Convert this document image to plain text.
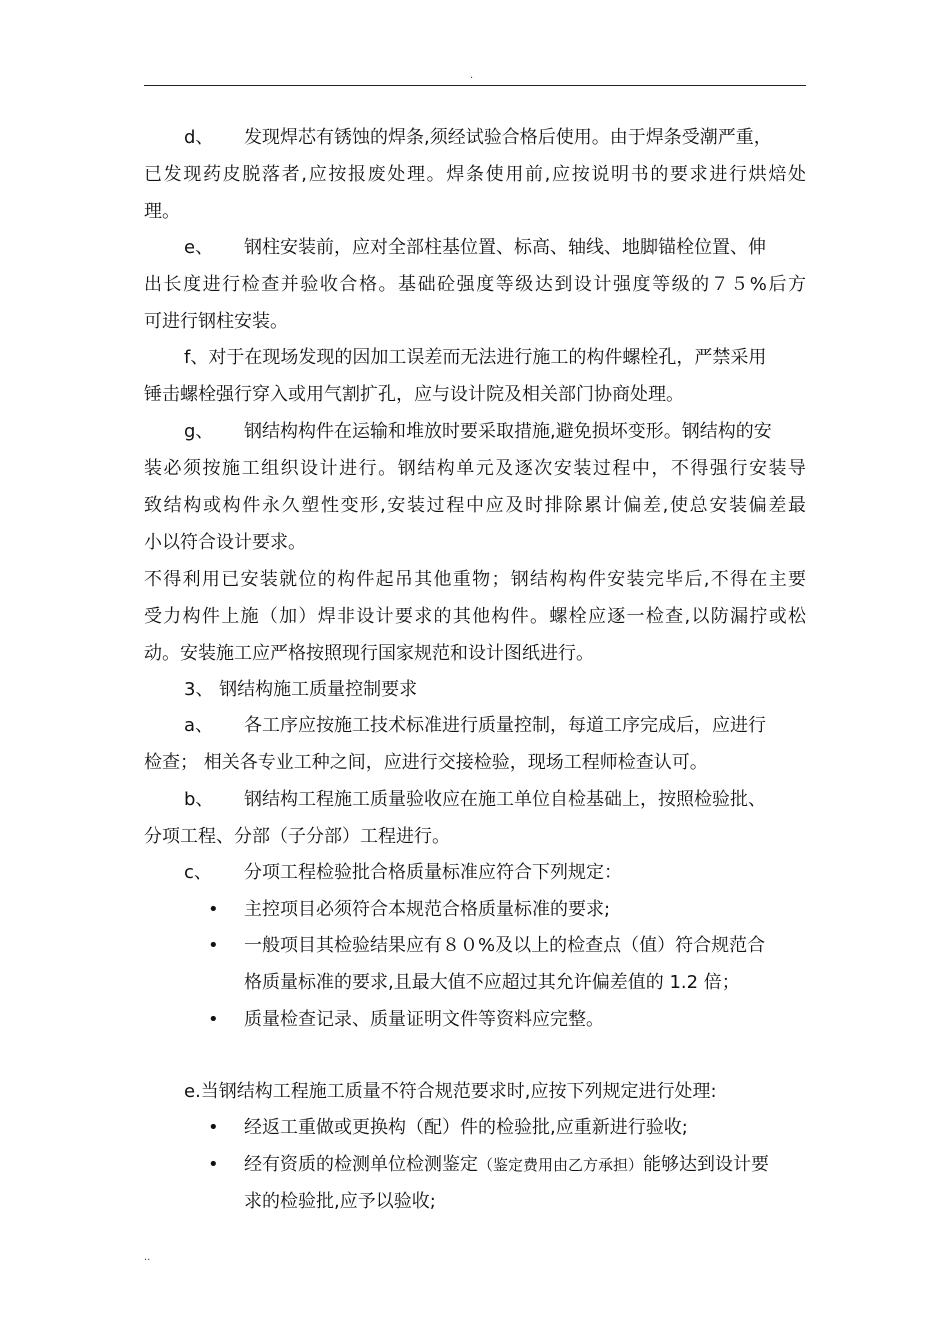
.
d、 发现焊芯有锈蚀的焊条,须经试验合格后使用。由于焊条受潮严重，
已发现药皮脱落者,应按报废处理。焊条使用前,应按说明书的要求进行烘焙处
理。
e、 钢柱安装前，应对全部柱基位置、标高、轴线、地脚锚栓位置、伸
出长度进行检查并验收合格。基础砼强度等级达到设计强度等级的７５%后方
可进行钢柱安装。
f、对于在现场发现的因加工误差而无法进行施工的构件螺栓孔，严禁采用
锤击螺栓强行穿入或用气割扩孔，应与设计院及相关部门协商处理。
g、 钢结构构件在运输和堆放时要采取措施,避免损坏变形。钢结构的安
装必须按施工组织设计进行。钢结构单元及逐次安装过程中，不得强行安装导
致结构或构件永久塑性变形,安装过程中应及时排除累计偏差,使总安装偏差最
小以符合设计要求。
不得利用已安装就位的构件起吊其他重物；钢结构构件安装完毕后,不得在主要
受力构件上施（加）焊非设计要求的其他构件。螺栓应逐一检查,以防漏拧或松
动。安装施工应严格按照现行国家规范和设计图纸进行。
3、 钢结构施工质量控制要求
a、 各工序应按施工技术标准进行质量控制，每道工序完成后，应进行
检查； 相关各专业工种之间，应进行交接检验，现场工程师检查认可。
b、 钢结构工程施工质量验收应在施工单位自检基础上，按照检验批、
分项工程、分部（子分部）工程进行。
c、 分项工程检验批合格质量标准应符合下列规定：
• 主控项目必须符合本规范合格质量标准的要求;
• 一般项目其检验结果应有８０%及以上的检查点（值）符合规范合
格质量标准的要求,且最大值不应超过其允许偏差值的 1.2 倍；
• 质量检查记录、质量证明文件等资料应完整。
e.当钢结构工程施工质量不符合规范要求时,应按下列规定进行处理:
• 经返工重做或更换构（配）件的检验批,应重新进行验收;
• 经有资质的检测单位检测鉴定（鉴定费用由乙方承担）能够达到设计要
求的检验批,应予以验收;
..
